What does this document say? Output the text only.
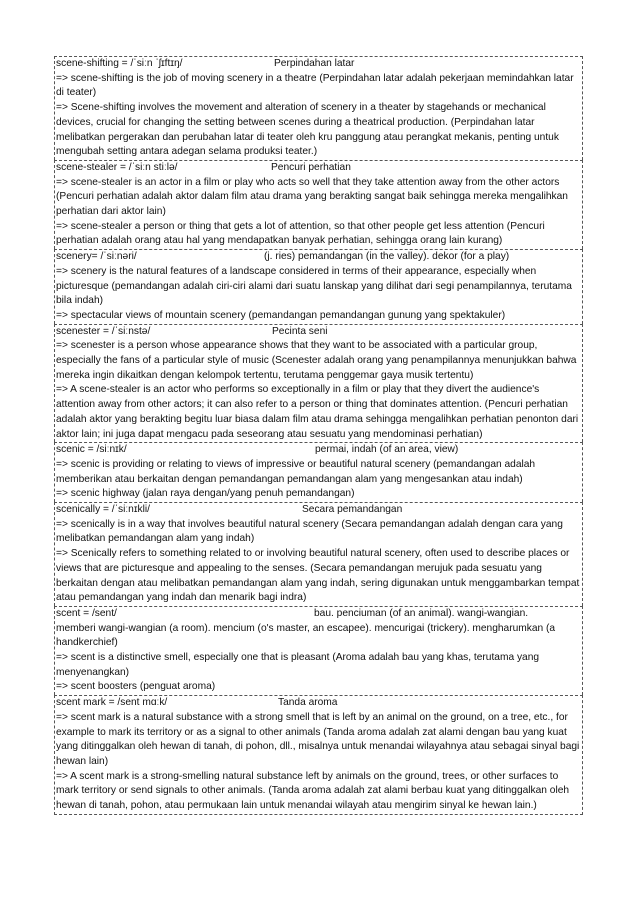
scene-shifting = /ˈsiːn ˈʃɪftɪŋ/	Perpindahan latar

=> scene-shifting is the job of moving scenery in a theatre (Perpindahan latar adalah pekerjaan memindahkan latar di teater)

=> Scene-shifting involves the movement and alteration of scenery in a theater by stagehands or mechanical devices, crucial for changing the setting between scenes during a theatrical production. (Perpindahan latar melibatkan pergerakan dan perubahan latar di teater oleh kru panggung atau perangkat mekanis, penting untuk mengubah setting antara adegan selama produksi teater.)

scene-stealer = /ˈsiːn stiːlə/	Pencuri perhatian

=> scene-stealer is an actor in a film or play who acts so well that they take attention away from the other actors (Pencuri perhatian adalah aktor dalam film atau drama yang berakting sangat baik sehingga mereka mengalihkan perhatian dari aktor lain)

=> scene-stealer a person or thing that gets a lot of attention, so that other people get less attention (Pencuri perhatian adalah orang atau hal yang mendapatkan banyak perhatian, sehingga orang lain kurang)

scenery= /ˈsiːnəri/	(j. ries) pemandangan (in the valley). dekor (for a play)

=> scenery is the natural features of a landscape considered in terms of their appearance, especially when picturesque (pemandangan adalah ciri-ciri alami dari suatu lanskap yang dilihat dari segi penampilannya, terutama bila indah)

=> spectacular views of mountain scenery (pemandangan pemandangan gunung yang spektakuler)

scenester = /ˈsiːnstə/	Pecinta seni

=> scenester is a person whose appearance shows that they want to be associated with a particular group, especially the fans of a particular style of music (Scenester adalah orang yang penampilannya menunjukkan bahwa mereka ingin dikaitkan dengan kelompok tertentu, terutama penggemar gaya musik tertentu)

=> A scene-stealer is an actor who performs so exceptionally in a film or play that they divert the audience's attention away from other actors; it can also refer to a person or thing that dominates attention. (Pencuri perhatian adalah aktor yang berakting begitu luar biasa dalam film atau drama sehingga mengalihkan perhatian penonton dari aktor lain; ini juga dapat mengacu pada seseorang atau sesuatu yang mendominasi perhatian)

scenic = /siːnɪk/	permai, indah (of an area, view)

=> scenic is providing or relating to views of impressive or beautiful natural scenery (pemandangan adalah memberikan atau berkaitan dengan pemandangan pemandangan alam yang mengesankan atau indah)

=> scenic highway (jalan raya dengan/yang penuh pemandangan)

scenically = /ˈsiːnɪkli/	Secara pemandangan

=> scenically is in a way that involves beautiful natural scenery (Secara pemandangan adalah dengan cara yang melibatkan pemandangan alam yang indah)

=> Scenically refers to something related to or involving beautiful natural scenery, often used to describe places or views that are picturesque and appealing to the senses. (Secara pemandangan merujuk pada sesuatu yang berkaitan dengan atau melibatkan pemandangan alam yang indah, sering digunakan untuk menggambarkan tempat atau pemandangan yang indah dan menarik bagi indra)

scent = /sent/	bau. penciuman (of an animal). wangi-wangian.

memberi wangi-wangian (a room). mencium (o's master, an escapee). mencurigai (trickery). mengharumkan (a handkerchief)

=> scent is a distinctive smell, especially one that is pleasant (Aroma adalah bau yang khas, terutama yang menyenangkan)

=> scent boosters (penguat aroma)

scent mark = /sent mɑːk/	Tanda aroma

=> scent mark is a natural substance with a strong smell that is left by an animal on the ground, on a tree, etc., for example to mark its territory or as a signal to other animals (Tanda aroma adalah zat alami dengan bau yang kuat yang ditinggalkan oleh hewan di tanah, di pohon, dll., misalnya untuk menandai wilayahnya atau sebagai sinyal bagi hewan lain)

=> A scent mark is a strong-smelling natural substance left by animals on the ground, trees, or other surfaces to mark territory or send signals to other animals. (Tanda aroma adalah zat alami berbau kuat yang ditinggalkan oleh hewan di tanah, pohon, atau permukaan lain untuk menandai wilayah atau mengirim sinyal ke hewan lain.)
